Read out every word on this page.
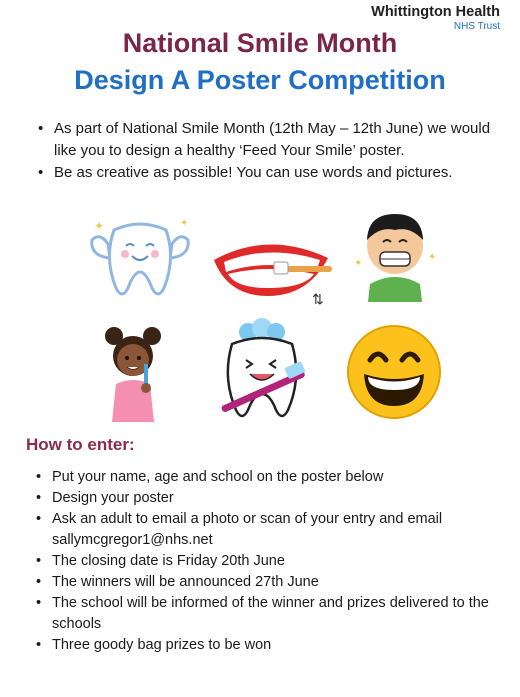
Whittington Health
NHS Trust
National Smile Month
Design A Poster Competition
• As part of National Smile Month (12th May – 12th June) we would like you to design a healthy ‘Feed Your Smile’ poster.
• Be as creative as possible! You can use words and pictures.
✦	✦
⇅
✦
✦
How to enter:
• Put your name, age and school on the poster below
• Design your poster
• Ask an adult to email a photo or scan of your entry and email sallymcgregor1@nhs.net
• The closing date is Friday 20th June
• The winners will be announced 27th June
• The school will be informed of the winner and prizes delivered to the schools
• Three goody bag prizes to be won
